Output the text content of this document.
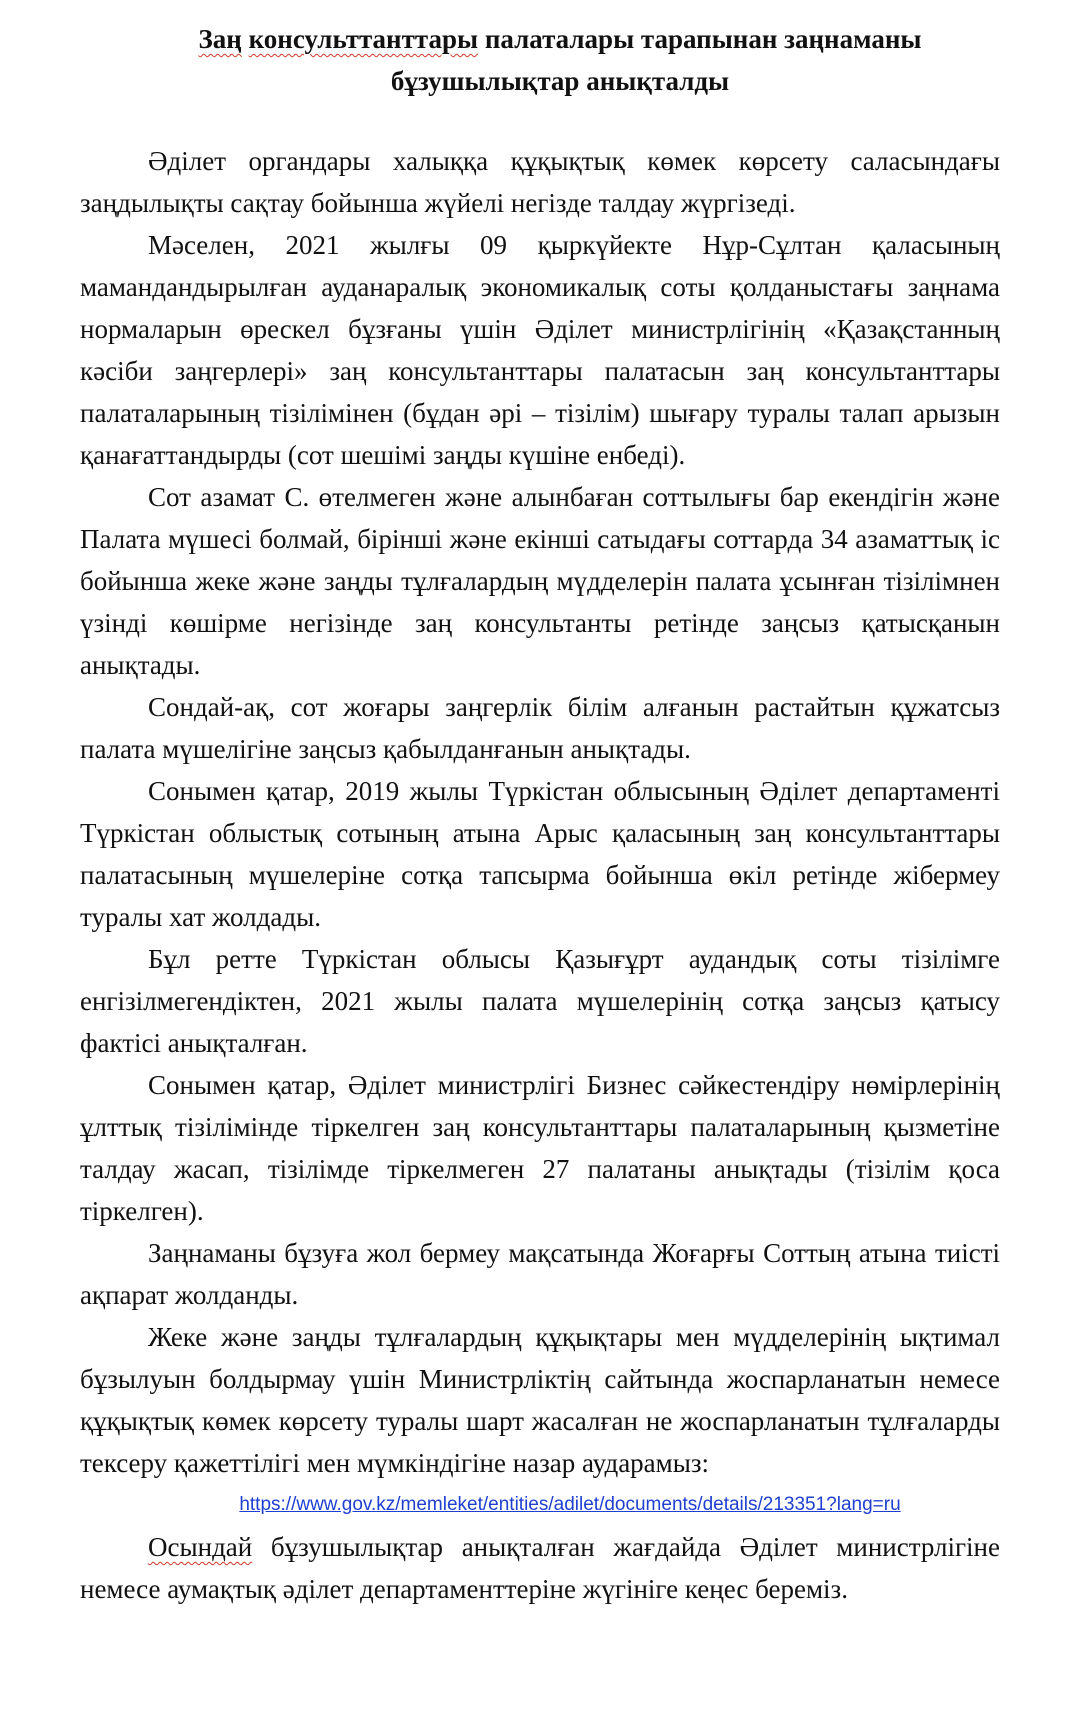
Заң консульттанттары палаталары тарапынан заңнаманы
бұзушылықтар анықталды

Әділет органдары халыққа құқықтық көмек көрсету саласындағы заңдылықты сақтау бойынша жүйелі негізде талдау жүргізеді.

Мәселен, 2021 жылғы 09 қыркүйекте Нұр-Сұлтан қаласының мамандандырылған ауданаралық экономикалық соты қолданыстағы заңнама нормаларын өрескел бұзғаны үшін Әділет министрлігінің «Қазақстанның кәсіби заңгерлері» заң консультанттары палатасын заң консультанттары палаталарының тізілімінен (бұдан әрі – тізілім) шығару туралы талап арызын қанағаттандырды (сот шешімі заңды күшіне енбеді).

Сот азамат С. өтелмеген және алынбаған соттылығы бар екендігін және Палата мүшесі болмай, бірінші және екінші сатыдағы соттарда 34 азаматтық іс бойынша жеке және заңды тұлғалардың мүдделерін палата ұсынған тізілімнен үзінді көшірме негізінде заң консультанты ретінде заңсыз қатысқанын анықтады.

Сондай-ақ, сот жоғары заңгерлік білім алғанын растайтын құжатсыз палата мүшелігіне заңсыз қабылданғанын анықтады.

Сонымен қатар, 2019 жылы Түркістан облысының Әділет департаменті Түркістан облыстық сотының атына Арыс қаласының заң консультанттары палатасының мүшелеріне сотқа тапсырма бойынша өкіл ретінде жібермеу туралы хат жолдады.

Бұл ретте Түркістан облысы Қазығұрт аудандық соты тізілімге енгізілмегендіктен, 2021 жылы палата мүшелерінің сотқа заңсыз қатысу фактісі анықталған.

Сонымен қатар, Әділет министрлігі Бизнес сәйкестендіру нөмірлерінің ұлттық тізілімінде тіркелген заң консультанттары палаталарының қызметіне талдау жасап, тізілімде тіркелмеген 27 палатаны анықтады (тізілім қоса тіркелген).

Заңнаманы бұзуға жол бермеу мақсатында Жоғарғы Соттың атына тиісті ақпарат жолданды.

Жеке және заңды тұлғалардың құқықтары мен мүдделерінің ықтимал бұзылуын болдырмау үшін Министрліктің сайтында жоспарланатын немесе құқықтық көмек көрсету туралы шарт жасалған не жоспарланатын тұлғаларды тексеру қажеттілігі мен мүмкіндігіне назар аударамыз:

https://www.gov.kz/memleket/entities/adilet/documents/details/213351?lang=ru

Осындай бұзушылықтар анықталған жағдайда Әділет министрлігіне немесе аумақтық әділет департаменттеріне жүгініге кеңес береміз.
